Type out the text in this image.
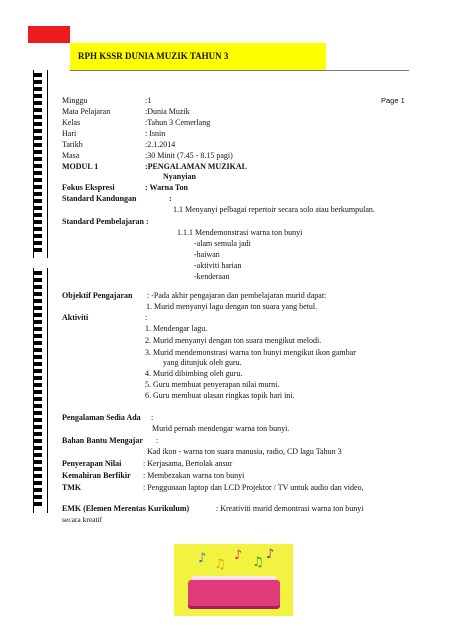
RPH KSSR DUNIA MUZIK TAHUN 3
Page 1
Minggu	:1
Mata Pelajaran	:Dunia Muzik
Kelas	:Tahun 3 Cemerlang
Hari	: Isnin
Tarikh	:2.1.2014
Masa	:30 Minit (7.45 - 8.15 pagi)
MODUL 1	:PENGALAMAN MUZIKAL
Nyanyian
Fokus Ekspresi	: Warna Ton
Standard Kandungan	:
1.1 Menyanyi pelbagai repertoir secara solo atau berkumpulan.
Standard Pembelajaran :
1.1.1 Mendemonstrasi warna ton bunyi
-alam semula jadi
-haiwan
-aktiviti harian
-kenderaan
Objektif Pengajaran : -Pada akhir pengajaran dan pembelajaran murid dapat:
1. Murid menyanyi lagu dengan ton suara yang betul.
Aktiviti	:
1. Mendengar lagu.
2. Murid menyanyi dengan ton suara mengikut melodi.
3. Murid mendemonstrasi warna ton bunyi mengikut ikon gambar
yang ditunjuk oleh guru.
4. Murid dibimbing oleh guru.
5. Guru membuat penyerapan nilai murni.
6. Guru membuat ulasan ringkas topik hari ini.
Pengalaman Sedia Ada :
Murid pernah mendengar warna ton bunyi.
Bahan Bantu Mengajar :
Kad ikon - warna ton suara manusia, radio, CD lagu Tahun 3
Penyerapan Nilai	: Kerjasama, Bertolak ansur
Kemahiran Berfikir : Membezakan warna ton bunyi
TMK	: Penggunaan laptop dan LCD Projektor / TV untuk audio dan video,
EMK (Elemen Merentas Kurikulum)	: Kreativiti murid demontrasi warna ton bunyi
secara kreatif
♪ ♫
♪ ♫
♪
